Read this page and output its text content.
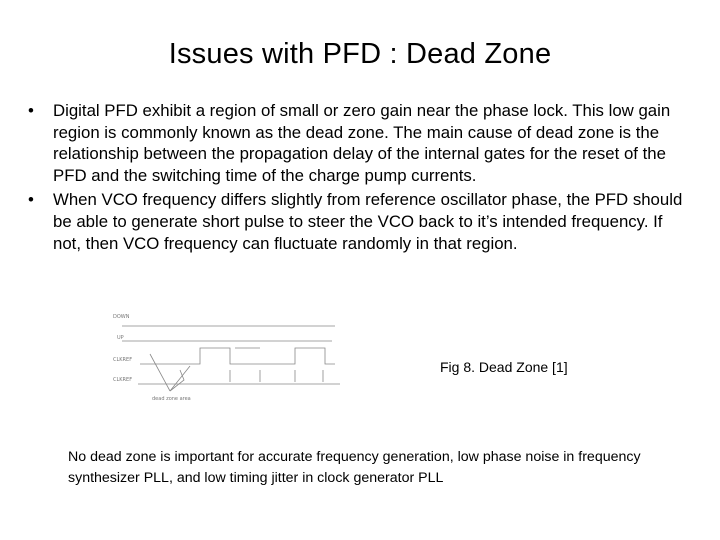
Issues with PFD : Dead Zone
• Digital PFD exhibit a region of small or zero gain near the phase lock. This low gain region is commonly known as the dead zone. The main cause of dead zone is the relationship between the propagation delay of the internal gates for the reset of the PFD and the switching time of the charge pump currents.
• When VCO frequency differs slightly from reference oscillator phase, the PFD should be able to generate short pulse to steer the VCO back to it’s intended frequency. If not, then VCO frequency can fluctuate randomly in that region.
DOWN
UP
CLKREF
CLKREF
dead zone area
Fig 8. Dead Zone [1]
No dead zone is important for accurate frequency generation, low phase noise in frequency synthesizer PLL, and low timing jitter in clock generator PLL
